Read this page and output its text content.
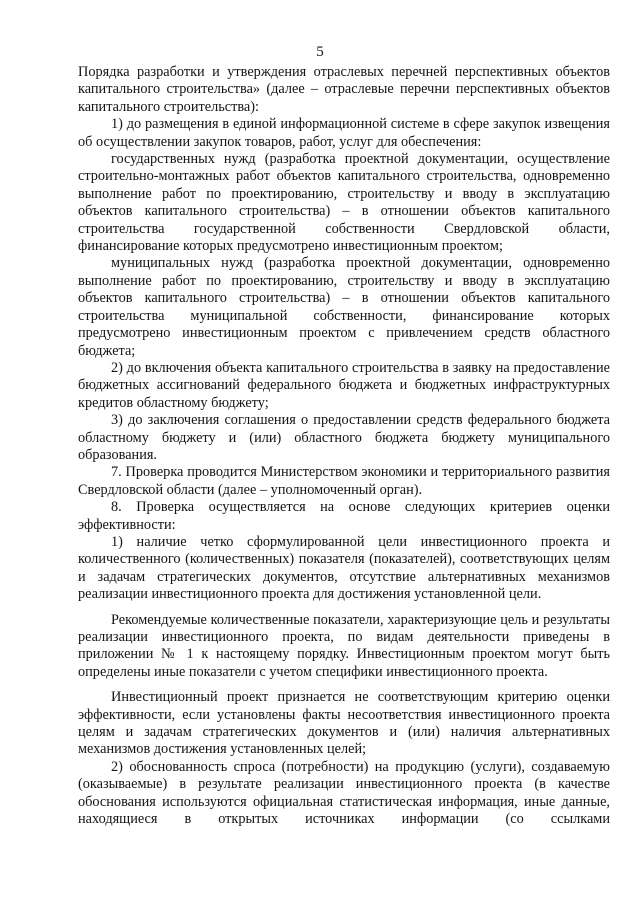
5

Порядка разработки и утверждения отраслевых перечней перспективных объектов капитального строительства» (далее – отраслевые перечни перспективных объектов капитального строительства):

1) до размещения в единой информационной системе в сфере закупок извещения об осуществлении закупок товаров, работ, услуг для обеспечения:

государственных нужд (разработка проектной документации, осуществление строительно-монтажных работ объектов капитального строительства, одновременно выполнение работ по проектированию, строительству и вводу в эксплуатацию объектов капитального строительства) – в отношении объектов капитального строительства государственной собственности Свердловской области, финансирование которых предусмотрено инвестиционным проектом;

муниципальных нужд (разработка проектной документации, одновременно выполнение работ по проектированию, строительству и вводу в эксплуатацию объектов капитального строительства) – в отношении объектов капитального строительства муниципальной собственности, финансирование которых предусмотрено инвестиционным проектом с привлечением средств областного бюджета;

2) до включения объекта капитального строительства в заявку на предоставление бюджетных ассигнований федерального бюджета и бюджетных инфраструктурных кредитов областному бюджету;

3) до заключения соглашения о предоставлении средств федерального бюджета областному бюджету и (или) областного бюджета бюджету муниципального образования.

7. Проверка проводится Министерством экономики и территориального развития Свердловской области (далее – уполномоченный орган).

8. Проверка осуществляется на основе следующих критериев оценки эффективности:

1) наличие четко сформулированной цели инвестиционного проекта и количественного (количественных) показателя (показателей), соответствующих целям и задачам стратегических документов, отсутствие альтернативных механизмов реализации инвестиционного проекта для достижения установленной цели.

Рекомендуемые количественные показатели, характеризующие цель и результаты реализации инвестиционного проекта, по видам деятельности приведены в приложении № 1 к настоящему порядку. Инвестиционным проектом могут быть определены иные показатели с учетом специфики инвестиционного проекта.

Инвестиционный проект признается не соответствующим критерию оценки эффективности, если установлены факты несоответствия инвестиционного проекта целям и задачам стратегических документов и (или) наличия альтернативных механизмов достижения установленных целей;

2) обоснованность спроса (потребности) на продукцию (услуги), создаваемую (оказываемые) в результате реализации инвестиционного проекта (в качестве обоснования используются официальная статистическая информация, иные данные, находящиеся в открытых источниках информации (со ссылками
